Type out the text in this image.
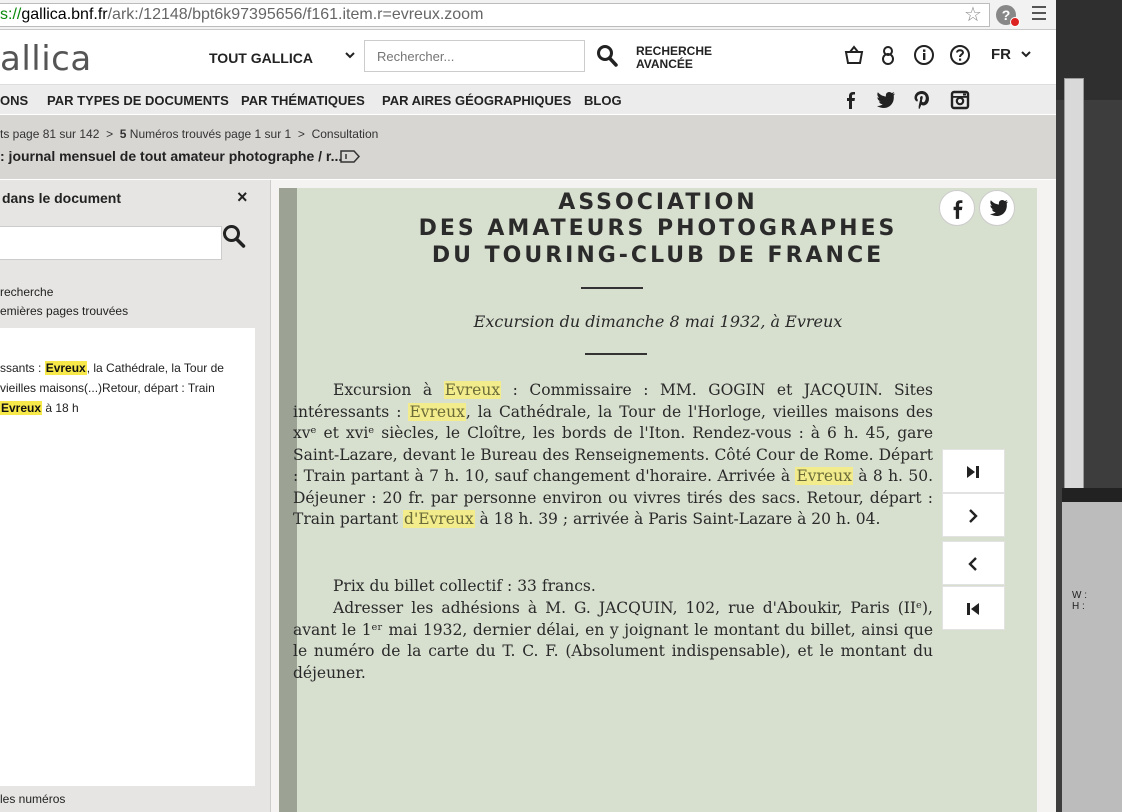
s://gallica.bnf.fr/ark:/12148/bpt6k97395656/f161.item.r=evreux.zoom	☆	?
allica	TOUT GALLICA
Rechercher...	RECHERCHE
AVANCÉE
FR
ONS PAR TYPES DE DOCUMENTS PAR THÉMATIQUES PAR AIRES GÉOGRAPHIQUES BLOG
ts page 81 sur 142 > 5 Numéros trouvés page 1 sur 1 > Consultation
: journal mensuel de tout amateur photographe / r...
dans le document	×
recherche
emières pages trouvées
ssants : Evreux, la Cathédrale, la Tour de
vieilles maisons(...)Retour, départ : Train
Evreux à 18 h
les numéros
ASSOCIATION
DES AMATEURS PHOTOGRAPHES
DU TOURING-CLUB DE FRANCE
Excursion du dimanche 8 mai 1932, à Evreux
Excursion à Evreux : Commissaire : MM. GOGIN et JACQUIN. Sites intéressants : Evreux, la Cathédrale, la Tour de l'Horloge, vieilles maisons des xvᵉ et xviᵉ siècles, le Cloître, les bords de l'Iton. Rendez-vous : à 6 h. 45, gare Saint-Lazare, devant le Bureau des Renseignements. Côté Cour de Rome. Départ : Train partant à 7 h. 10, sauf changement d'horaire. Arrivée à Evreux à 8 h. 50. Déjeuner : 20 fr. par personne environ ou vivres tirés des sacs. Retour, départ : Train partant d'Evreux à 18 h. 39 ; arrivée à Paris Saint-Lazare à 20 h. 04.
Prix du billet collectif : 33 francs.
Adresser les adhésions à M. G. JACQUIN, 102, rue d'Aboukir, Paris (IIᵉ), avant le 1ᵉʳ mai 1932, dernier délai, en y joignant le montant du billet, ainsi que le numéro de la carte du T. C. F. (Absolument indispensable), et le montant du déjeuner.
W :
H :
